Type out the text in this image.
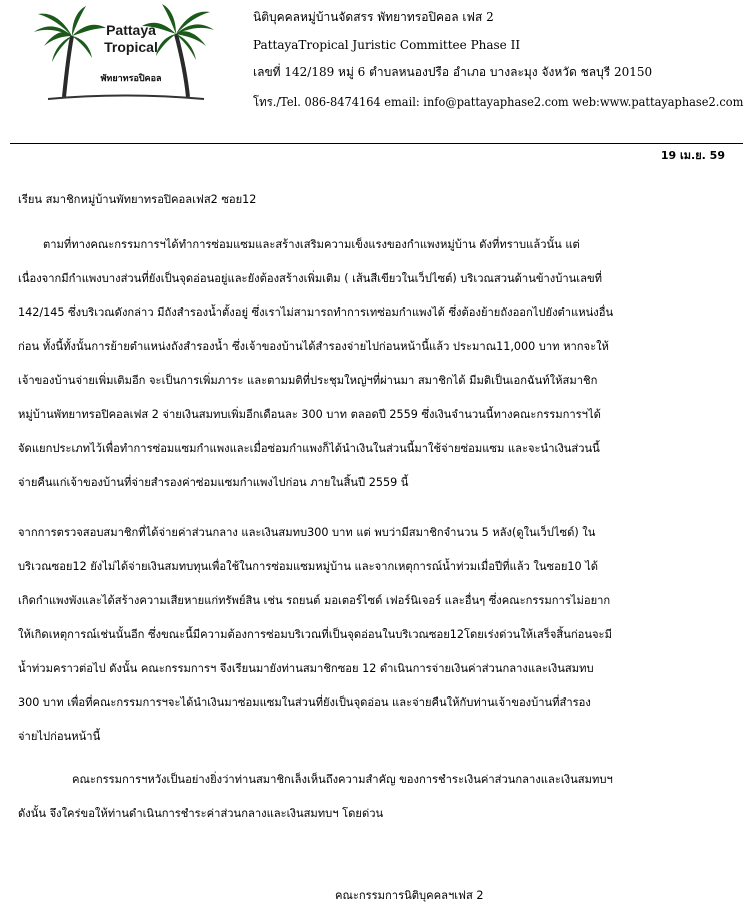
Pattaya
Tropical
พัทยาทรอปิคอล
นิติบุคคลหมู่บ้านจัดสรร พัทยาทรอปิคอล เฟส 2
PattayaTropical Juristic Committee Phase II
เลขที่ 142/189 หมู่ 6 ตำบลหนองปรือ อำเภอ บางละมุง จังหวัด ชลบุรี 20150
โทร./Tel. 086-8474164 email: info@pattayaphase2.com web:www.pattayaphase2.com
19 เม.ย. 59
เรียน สมาชิกหมู่บ้านพัทยาทรอปิคอลเฟส2 ซอย12
ตามที่ทางคณะกรรมการฯได้ทำการซ่อมแซมและสร้างเสริมความเข็งแรงของกำแพงหมู่บ้าน ดังที่ทราบแล้วนั้น แต่
เนื่องจากมีกำแพงบางส่วนที่ยังเป็นจุดอ่อนอยู่และยังต้องสร้างเพิ่มเติม ( เส้นสีเขียวในเว็ปไซต์) บริเวณสวนด้านข้างบ้านเลขที่
142/145 ซึ่งบริเวณดังกล่าว มีถังสำรองน้ำตั้งอยู่ ซึ่งเราไม่สามารถทำการเทซ่อมกำแพงได้ ซึ่งต้องย้ายถังออกไปยังตำแหน่งอื่น
ก่อน ทั้งนี้ทั้งนั้นการย้ายตำแหน่งถังสำรองน้ำ ซึ่งเจ้าของบ้านได้สำรองจ่ายไปก่อนหน้านี้แล้ว ประมาณ11,000 บาท หากจะให้
เจ้าของบ้านจ่ายเพิ่มเติมอีก จะเป็นการเพิ่มภาระ และตามมติที่ประชุมใหญ่ฯที่ผ่านมา สมาชิกได้ มีมติเป็นเอกฉันท์ให้สมาชิก
หมู่บ้านพัทยาทรอปิคอลเฟส 2 จ่ายเงินสมทบเพิ่มอีกเดือนละ 300 บาท ตลอดปี 2559 ซึ่งเงินจำนวนนี้ทางคณะกรรมการฯได้
จัดแยกประเภทไว้เพื่อทำการซ่อมแซมกำแพงและเมื่อซ่อมกำแพงก็ได้นำเงินในส่วนนี้มาใช้จ่ายซ่อมแซม และจะนำเงินส่วนนี้
จ่ายคืนแก่เจ้าของบ้านที่จ่ายสำรองค่าซ่อมแซมกำแพงไปก่อน ภายในสิ้นปี 2559 นี้
จากการตรวจสอบสมาชิกที่ได้จ่ายค่าส่วนกลาง และเงินสมทบ300 บาท แต่ พบว่ามีสมาชิกจำนวน 5 หลัง(ดูในเว็ปไซด์) ใน
บริเวณซอย12 ยังไม่ได้จ่ายเงินสมทบทุนเพื่อใช้ในการซ่อมแซมหมู่บ้าน และจากเหตุการณ์น้ำท่วมเมื่อปีที่แล้ว ในซอย10 ได้
เกิดกำแพงพังและได้สร้างความเสียหายแก่ทรัพย์สิน เช่น รถยนต์ มอเตอร์ไซด์ เฟอร์นิเจอร์ และอื่นๆ ซึ่งคณะกรรมการไม่อยาก
ให้เกิดเหตุการณ์เช่นนั้นอีก ซึ่งขณะนี้มีความต้องการซ่อมบริเวณที่เป็นจุดอ่อนในบริเวณซอย12โดยเร่งด่วนให้เสร็จสิ้นก่อนจะมี
น้ำท่วมคราวต่อไป ดังนั้น คณะกรรมการฯ จึงเรียนมายังท่านสมาชิกซอย 12 ดำเนินการจ่ายเงินค่าส่วนกลางและเงินสมทบ
300 บาท เพื่อที่คณะกรรมการฯจะได้นำเงินมาซ่อมแซมในส่วนที่ยังเป็นจุดอ่อน และจ่ายคืนให้กับท่านเจ้าของบ้านที่สำรอง
จ่ายไปก่อนหน้านี้
คณะกรรมการฯหวังเป็นอย่างยิ่งว่าท่านสมาชิกเล็งเห็นถึงความสำคัญ ของการชำระเงินค่าส่วนกลางและเงินสมทบฯ
ดังนั้น จึงใคร่ขอให้ท่านดำเนินการชำระค่าส่วนกลางและเงินสมทบฯ โดยด่วน
คณะกรรมการนิติบุคคลฯเฟส 2
